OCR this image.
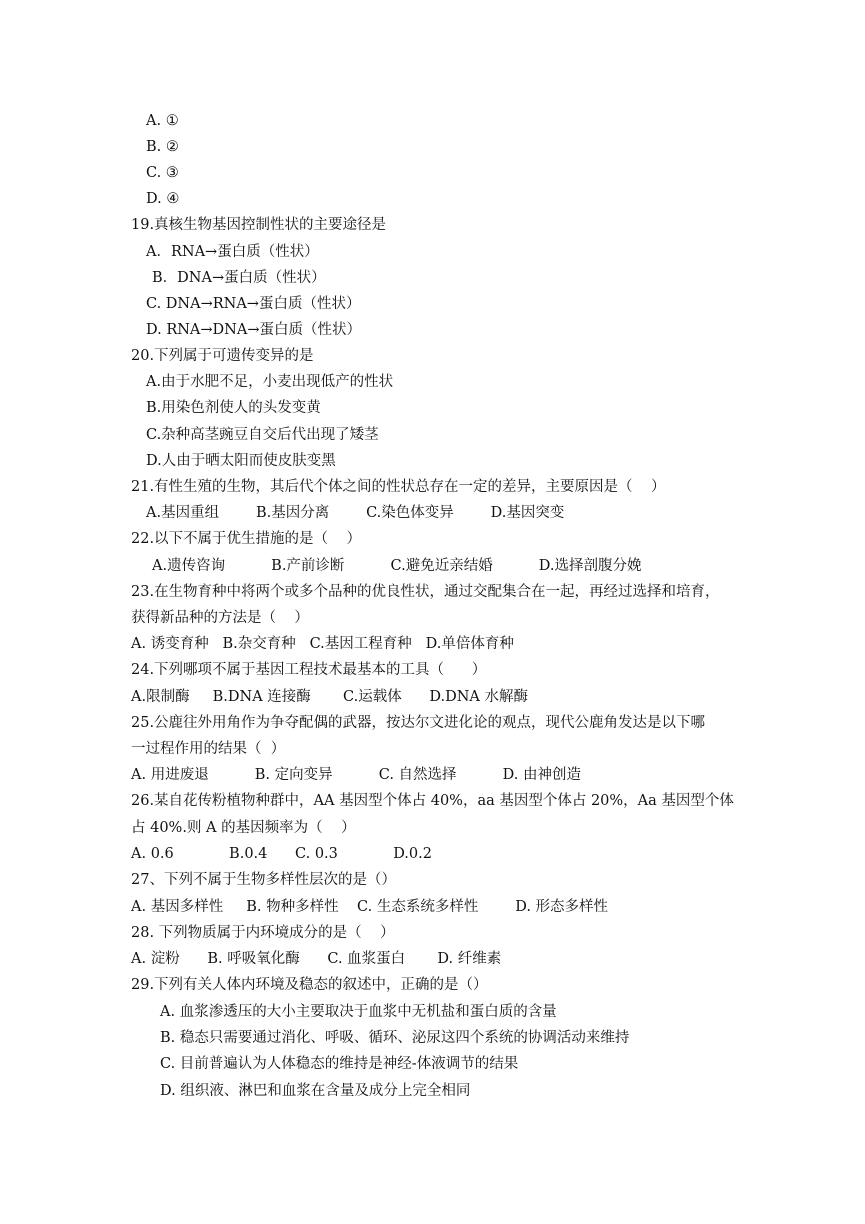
A. ①
B. ②
C. ③
D. ④
19.真核生物基因控制性状的主要途径是
A．RNA→蛋白质（性状）
B．DNA→蛋白质（性状）
C. DNA→RNA→蛋白质（性状）
D. RNA→DNA→蛋白质（性状）
20.下列属于可遗传变异的是
A.由于水肥不足，小麦出现低产的性状
B.用染色剂使人的头发变黄
C.杂种高茎豌豆自交后代出现了矮茎
D.人由于晒太阳而使皮肤变黑
21.有性生殖的生物，其后代个体之间的性状总存在一定的差异，主要原因是（    ）
A.基因重组        B.基因分离        C.染色体变异        D.基因突变
22.以下不属于优生措施的是（    ）
A.遗传咨询          B.产前诊断          C.避免近亲结婚          D.选择剖腹分娩
23.在生物育种中将两个或多个品种的优良性状，通过交配集合在一起，再经过选择和培育，
获得新品种的方法是（    ）
A. 诱变育种   B.杂交育种   C.基因工程育种   D.单倍体育种
24.下列哪项不属于基因工程技术最基本的工具（      ）
A.限制酶     B.DNA 连接酶       C.运载体      D.DNA 水解酶
25.公鹿往外用角作为争夺配偶的武器，按达尔文进化论的观点，现代公鹿角发达是以下哪
一过程作用的结果（  ）
A. 用进废退          B. 定向变异          C. 自然选择          D. 由神创造
26.某自花传粉植物种群中，AA 基因型个体占 40%，aa 基因型个体占 20%，Aa 基因型个体
占 40%.则 A 的基因频率为（    ）
A. 0.6            B.0.4      C. 0.3            D.0.2
27、下列不属于生物多样性层次的是（）
A. 基因多样性     B. 物种多样性    C. 生态系统多样性        D. 形态多样性
28. 下列物质属于内环境成分的是（    ）
A. 淀粉      B. 呼吸氧化酶      C. 血浆蛋白       D. 纤维素
29.下列有关人体内环境及稳态的叙述中，正确的是（）
A. 血浆渗透压的大小主要取决于血浆中无机盐和蛋白质的含量
B. 稳态只需要通过消化、呼吸、循环、泌尿这四个系统的协调活动来维持
C. 目前普遍认为人体稳态的维持是神经-体液调节的结果
D. 组织液、淋巴和血浆在含量及成分上完全相同
